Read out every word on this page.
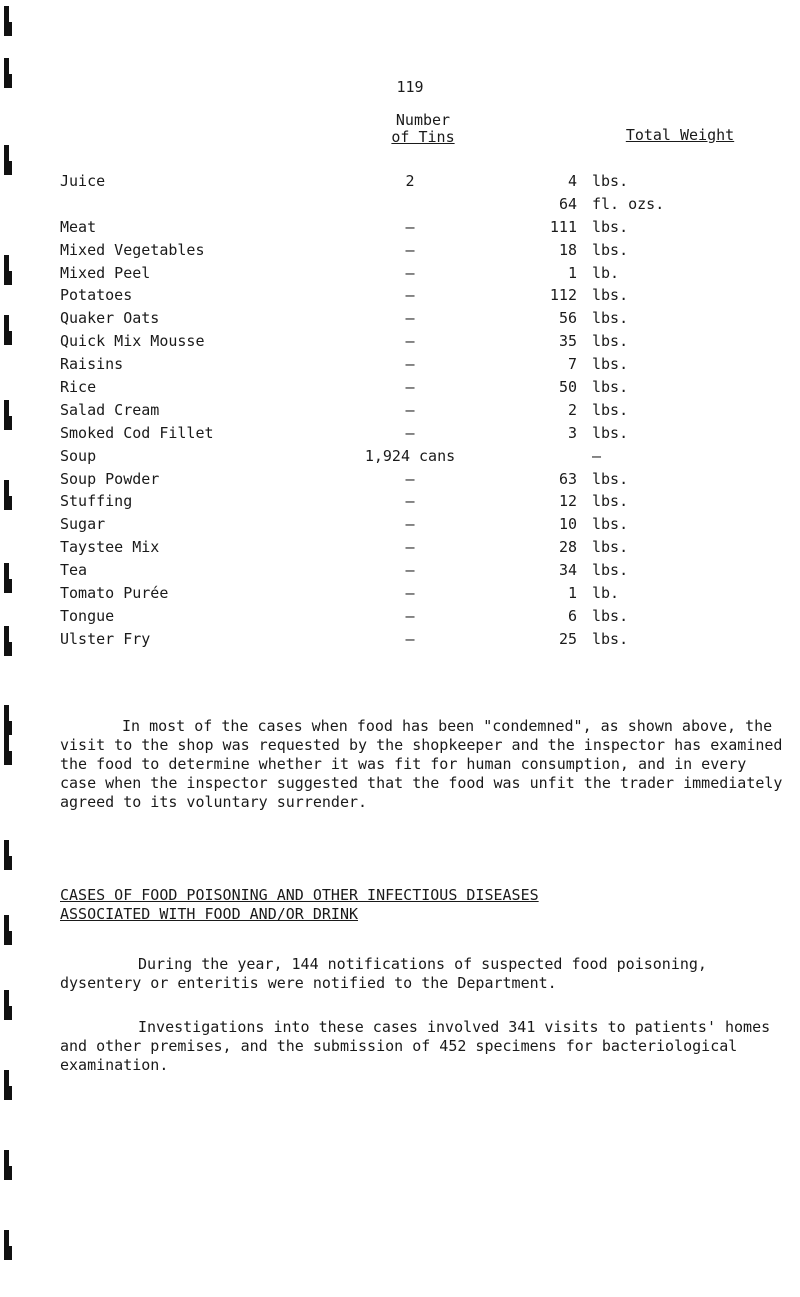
119
Number
of Tins	Total Weight
Juice	2	4 lbs.
64 fl. ozs.
Meat	–	111 lbs.
Mixed Vegetables	–	18 lbs.
Mixed Peel	–	1 lb.
Potatoes	–	112 lbs.
Quaker Oats	–	56 lbs.
Quick Mix Mousse	–	35 lbs.
Raisins	–	7 lbs.
Rice	–	50 lbs.
Salad Cream	–	2 lbs.
Smoked Cod Fillet	–	3 lbs.
Soup	1,924 cans	–
Soup Powder	–	63 lbs.
Stuffing	–	12 lbs.
Sugar	–	10 lbs.
Taystee Mix	–	28 lbs.
Tea	–	34 lbs.
Tomato Purée	–	1 lb.
Tongue	–	6 lbs.
Ulster Fry	–	25 lbs.

In most of the cases when food has been "condemned", as shown above, the visit to the shop was requested by the shopkeeper and the inspector has examined the food to determine whether it was fit for human consumption, and in every case when the inspector suggested that the food was unfit the trader immediately agreed to its voluntary surrender.

CASES OF FOOD POISONING AND OTHER INFECTIOUS DISEASES
ASSOCIATED WITH FOOD AND/OR DRINK

During the year, 144 notifications of suspected food poisoning, dysentery or enteritis were notified to the Department.

Investigations into these cases involved 341 visits to patients' homes and other premises, and the submission of 452 specimens for bacteriological examination.
